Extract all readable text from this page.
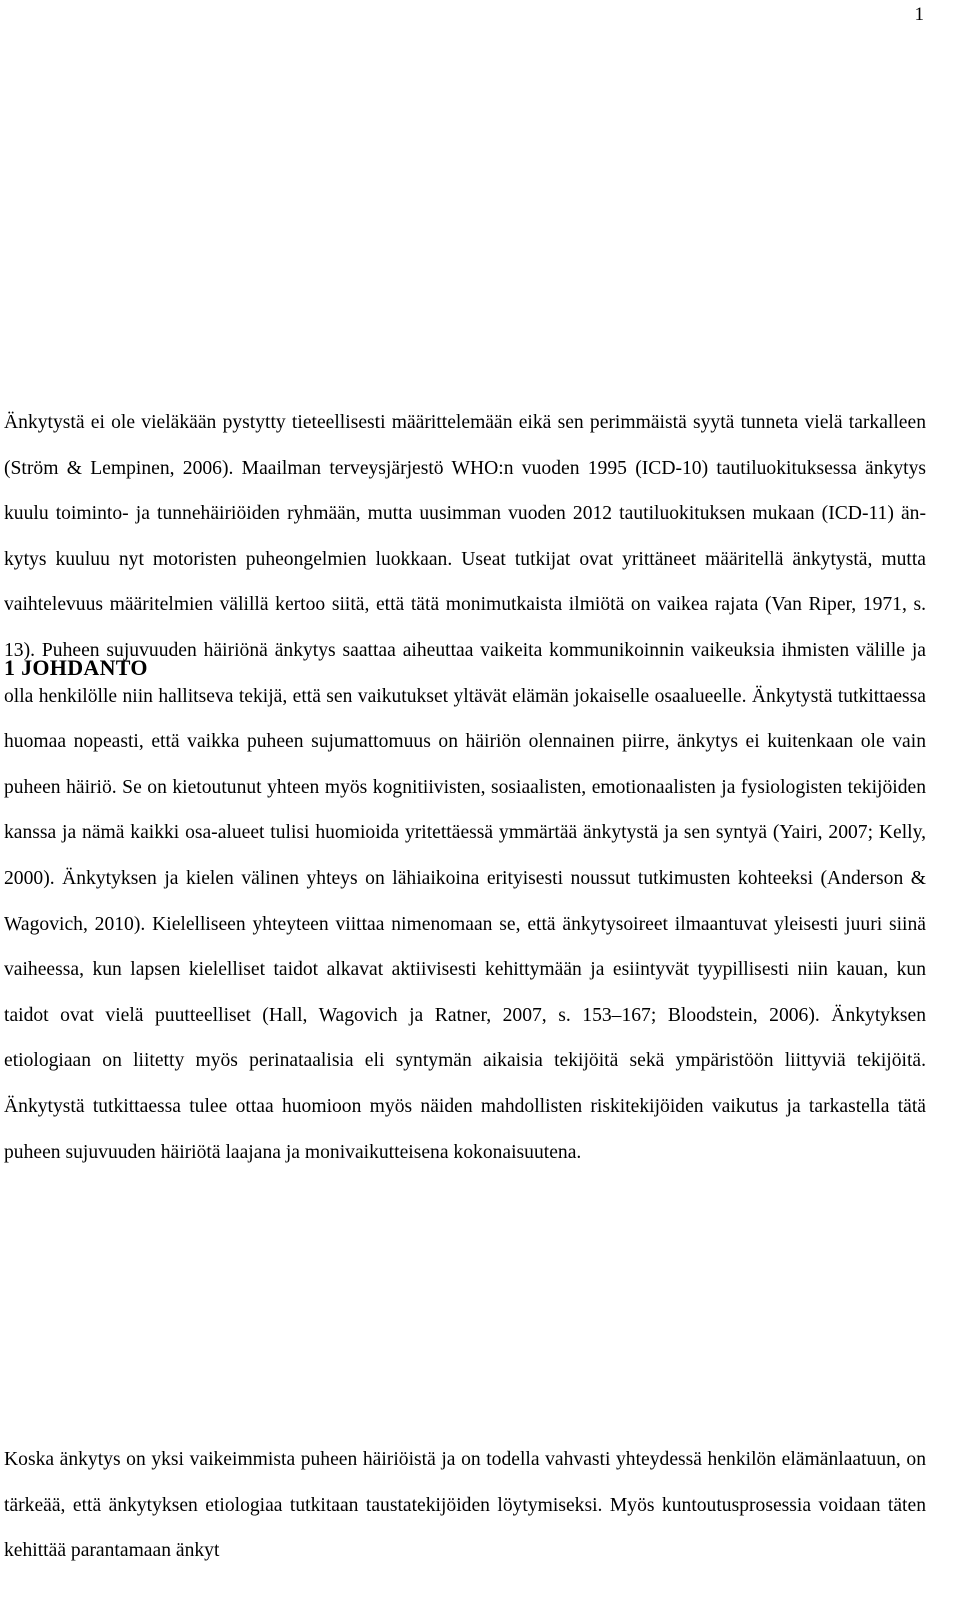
1
1 JOHDANTO

Änkytystä ei ole vieläkään pystytty tieteellisesti määrittelemään eikä sen perimmäistä syytä tunneta vielä tarkalleen (Ström & Lempinen, 2006). Maailman terveysjärjestö WHO:n vuoden 1995 (ICD-10) tautiluokituksessa änkytys kuulu toiminto- ja tunnehäiriöiden ryhmään, mutta uusimman vuoden 2012 tautiluokituksen mukaan (ICD-11) änkytys kuuluu nyt motoristen puheongelmien luokkaan. Useat tutkijat ovat yrittäneet määritellä änkytystä, mutta vaihtelevuus määritelmien välillä kertoo siitä, että tätä monimutkaista ilmiötä on vaikea rajata (Van Riper, 1971, s. 13). Puheen sujuvuuden häiriönä änkytys saattaa aiheuttaa vaikeita kommunikoinnin vaikeuksia ihmisten välille ja olla henkilölle niin hallitseva tekijä, että sen vaikutukset yltävät elämän jokaiselle osaalueelle. Änkytystä tutkittaessa huomaa nopeasti, että vaikka puheen sujumattomuus on häiriön olennainen piirre, änkytys ei kuitenkaan ole vain puheen häiriö. Se on kietoutunut yhteen myös kognitiivisten, sosiaalisten, emotionaalisten ja fysiologisten tekijöiden kanssa ja nämä kaikki osa-alueet tulisi huomioida yritettäessä ymmärtää änkytystä ja sen syntyä (Yairi, 2007; Kelly, 2000). Änkytyksen ja kielen välinen yhteys on lähiaikoina erityisesti noussut tutkimusten kohteeksi (Anderson & Wagovich, 2010). Kielelliseen yhteyteen viittaa nimenomaan se, että änkytysoireet ilmaantuvat yleisesti juuri siinä vaiheessa, kun lapsen kielelliset taidot alkavat aktiivisesti kehittymään ja esiintyvät tyypillisesti niin kauan, kun taidot ovat vielä puutteelliset (Hall, Wagovich ja Ratner, 2007, s. 153–167; Bloodstein, 2006). Änkytyksen etiologiaan on liitetty myös perinataalisia eli syntymän aikaisia tekijöitä sekä ympäristöön liittyviä tekijöitä. Änkytystä tutkittaessa tulee ottaa huomioon myös näiden mahdollisten riskitekijöiden vaikutus ja tarkastella tätä puheen sujuvuuden häiriötä laajana ja monivaikutteisena kokonaisuutena.

Koska änkytys on yksi vaikeimmista puheen häiriöistä ja on todella vahvasti yhteydessä henkilön elämänlaatuun, on tärkeää, että änkytyksen etiologiaa tutkitaan taustatekijöiden löytymiseksi. Myös kuntoutusprosessia voidaan täten kehittää parantamaan änkyt
